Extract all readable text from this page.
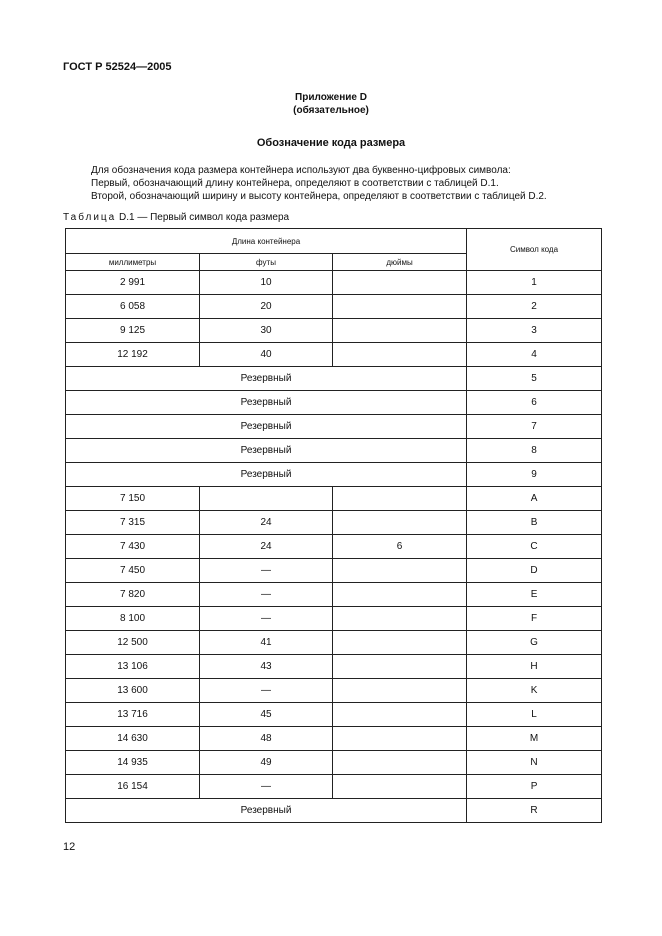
ГОСТ Р 52524—2005
Приложение D
(обязательное)
Обозначение кода размера
Для обозначения кода размера контейнера используют два буквенно-цифровых символа:
Первый, обозначающий длину контейнера, определяют в соответствии с таблицей D.1.
Второй, обозначающий ширину и высоту контейнера, определяют в соответствии с таблицей D.2.
Таблица D.1 — Первый символ кода размера
Длина контейнера			Символ кода
миллиметры	футы	дюймы	
2 991	10		1
6 058	20		2
9 125	30		3
12 192	40		4
Резервный			5
Резервный			6
Резервный			7
Резервный			8
Резервный			9
7 150			A
7 315	24		B
7 430	24	6	C
7 450	—		D
7 820	—		E
8 100	—		F
12 500	41		G
13 106	43		H
13 600	—		K
13 716	45		L
14 630	48		M
14 935	49		N
16 154	—		P
Резервный			R
12
